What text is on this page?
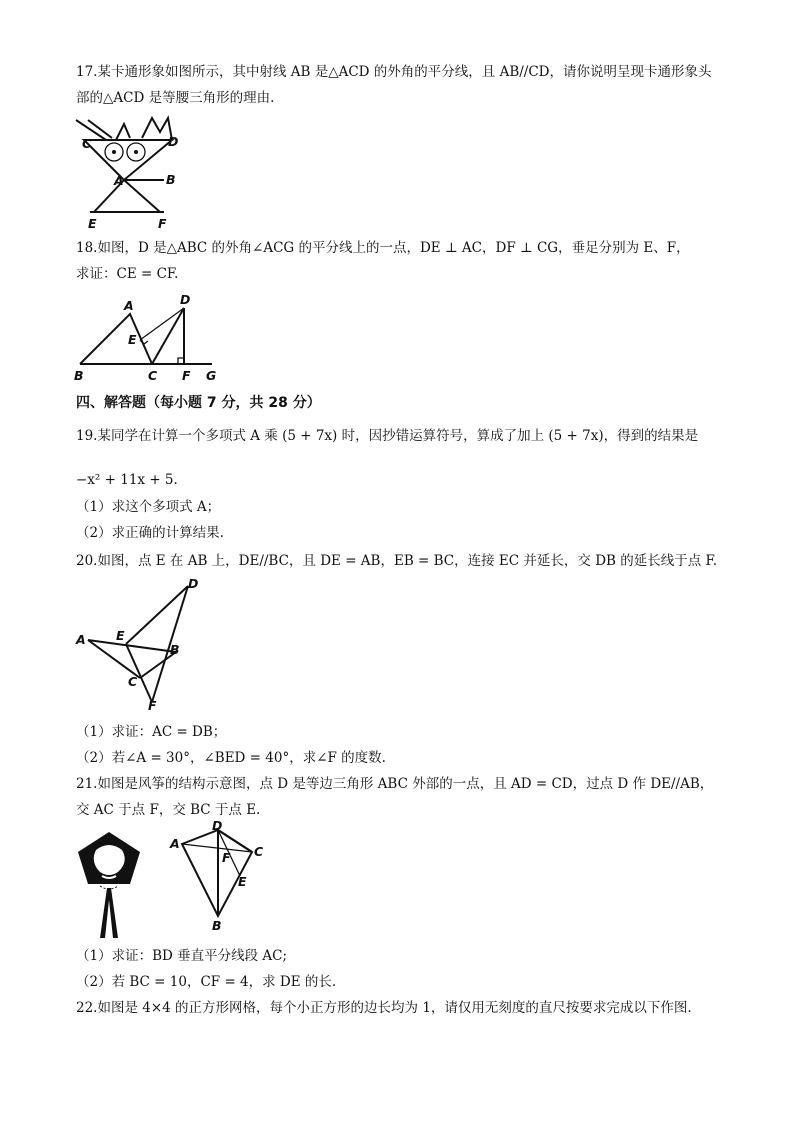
17.某卡通形象如图所示，其中射线 AB 是△ACD 的外角的平分线，且 AB//CD，请你说明呈现卡通形象头
部的△ACD 是等腰三角形的理由.
C	D
A	B
E	F
18.如图，D 是△ABC 的外角∠ACG 的平分线上的一点，DE ⊥ AC，DF ⊥ CG，垂足分别为 E、F，
求证：CE = CF.
A	D
E
B	C F G
四、解答题（每小题 7 分，共 28 分）
19.某同学在计算一个多项式 A 乘 (5 + 7x) 时，因抄错运算符号，算成了加上 (5 + 7x)，得到的结果是
−x² + 11x + 5.
（1）求这个多项式 A；
（2）求正确的计算结果.
20.如图，点 E 在 AB 上，DE//BC，且 DE = AB，EB = BC，连接 EC 并延长，交 DB 的延长线于点 F.
D
A E
B
C
F
（1）求证：AC = DB；
（2）若∠A = 30°，∠BED = 40°，求∠F 的度数.
21.如图是风筝的结构示意图，点 D 是等边三角形 ABC 外部的一点，且 AD = CD，过点 D 作 DE//AB，
交 AC 于点 F，交 BC 于点 E.
D
A
C
F
E
B
（1）求证：BD 垂直平分线段 AC;
（2）若 BC = 10，CF = 4，求 DE 的长.
22.如图是 4×4 的正方形网格，每个小正方形的边长均为 1，请仅用无刻度的直尺按要求完成以下作图.
